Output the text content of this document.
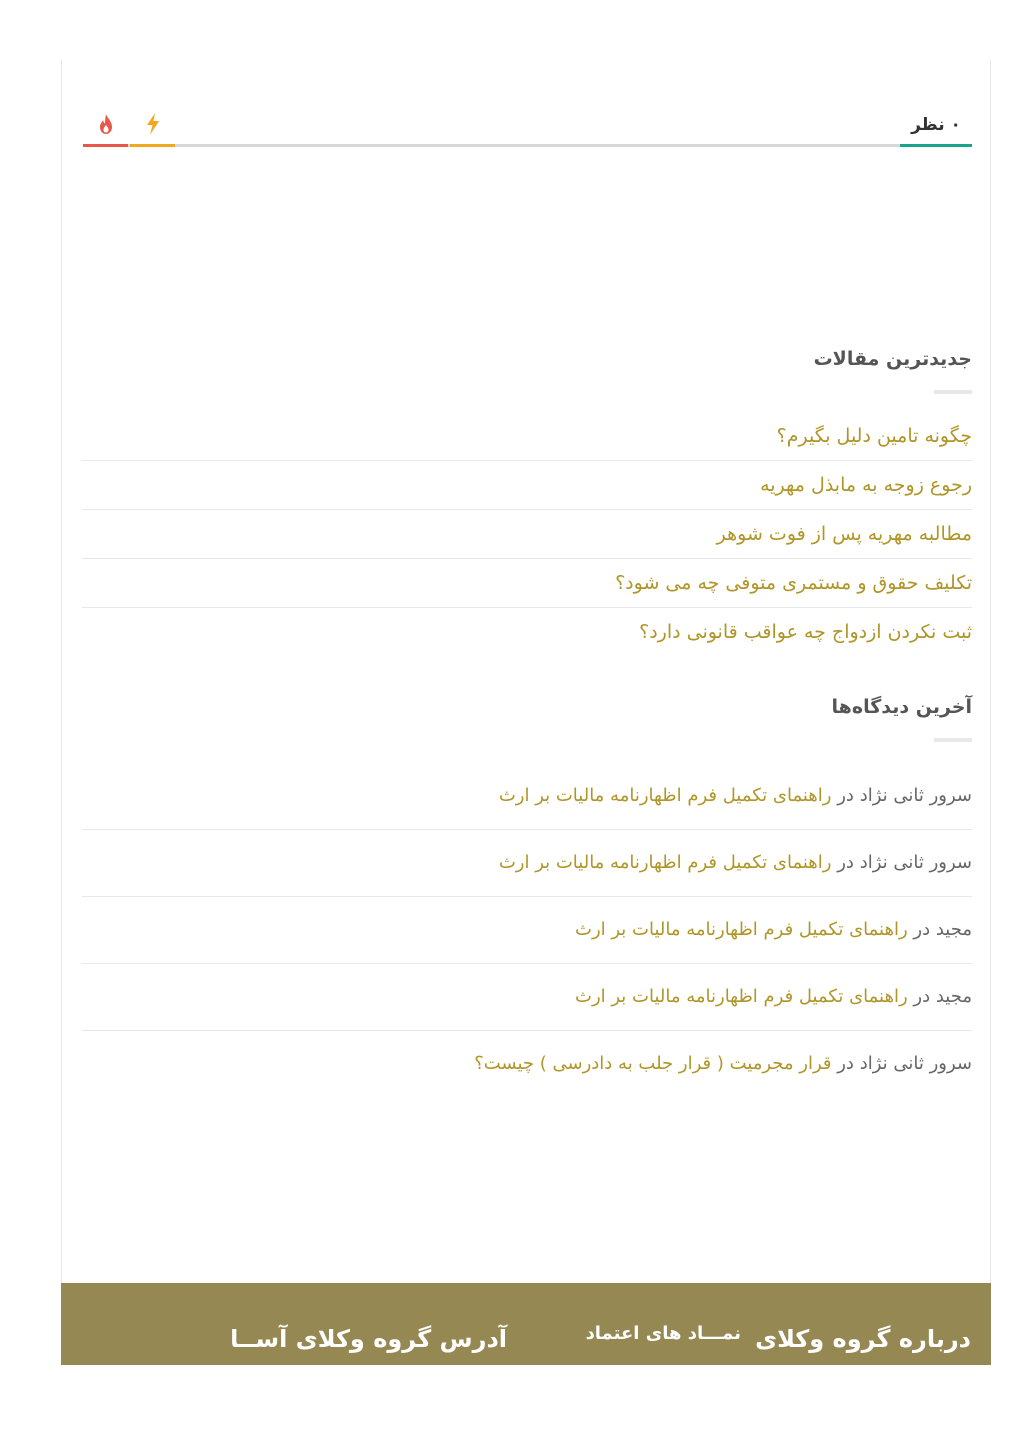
۰ نظر
جدیدترین مقالات
چگونه تامین دلیل بگیرم؟
رجوع زوجه به مابذل مهریه
مطالبه مهریه پس از فوت شوهر
تکلیف حقوق و مستمری متوفی چه می شود؟
ثبت نکردن ازدواج چه عواقب قانونی دارد؟
آخرین دیدگاه‌ها
سرور ثانی نژاد در راهنمای تکمیل فرم اظهارنامه مالیات بر ارث
سرور ثانی نژاد در راهنمای تکمیل فرم اظهارنامه مالیات بر ارث
مجید در راهنمای تکمیل فرم اظهارنامه مالیات بر ارث
مجید در راهنمای تکمیل فرم اظهارنامه مالیات بر ارث
سرور ثانی نژاد در قرار مجرمیت ( قرار جلب به دادرسی ) چیست؟
درباره گروه وکلای
نمـــاد های اعتماد
آدرس گروه وکلای آســا
